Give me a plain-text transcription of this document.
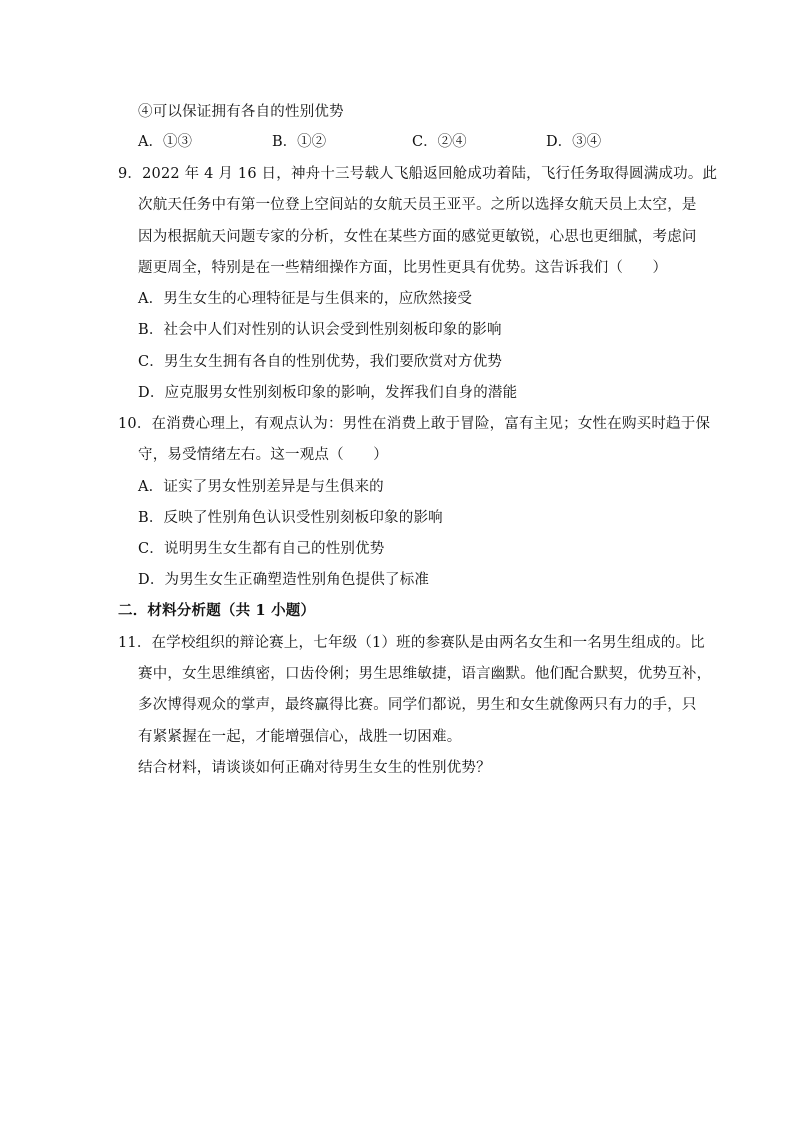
④可以保证拥有各自的性别优势
A．①③	B．①②	C．②④	D．③④
9．2022 年 4 月 16 日，神舟十三号载人飞船返回舱成功着陆，飞行任务取得圆满成功。此
次航天任务中有第一位登上空间站的女航天员王亚平。之所以选择女航天员上太空，是
因为根据航天问题专家的分析，女性在某些方面的感觉更敏锐，心思也更细腻，考虑问
题更周全，特别是在一些精细操作方面，比男性更具有优势。这告诉我们（　　）
A．男生女生的心理特征是与生俱来的，应欣然接受
B．社会中人们对性别的认识会受到性别刻板印象的影响
C．男生女生拥有各自的性别优势，我们要欣赏对方优势
D．应克服男女性别刻板印象的影响，发挥我们自身的潜能
10．在消费心理上，有观点认为：男性在消费上敢于冒险，富有主见；女性在购买时趋于保
守，易受情绪左右。这一观点（　　）
A．证实了男女性别差异是与生俱来的
B．反映了性别角色认识受性别刻板印象的影响
C．说明男生女生都有自己的性别优势
D．为男生女生正确塑造性别角色提供了标准
二．材料分析题（共 1 小题）
11．在学校组织的辩论赛上，七年级（1）班的参赛队是由两名女生和一名男生组成的。比
赛中，女生思维缜密，口齿伶俐；男生思维敏捷，语言幽默。他们配合默契，优势互补，
多次博得观众的掌声，最终赢得比赛。同学们都说，男生和女生就像两只有力的手，只
有紧紧握在一起，才能增强信心，战胜一切困难。
结合材料，请谈谈如何正确对待男生女生的性别优势？
